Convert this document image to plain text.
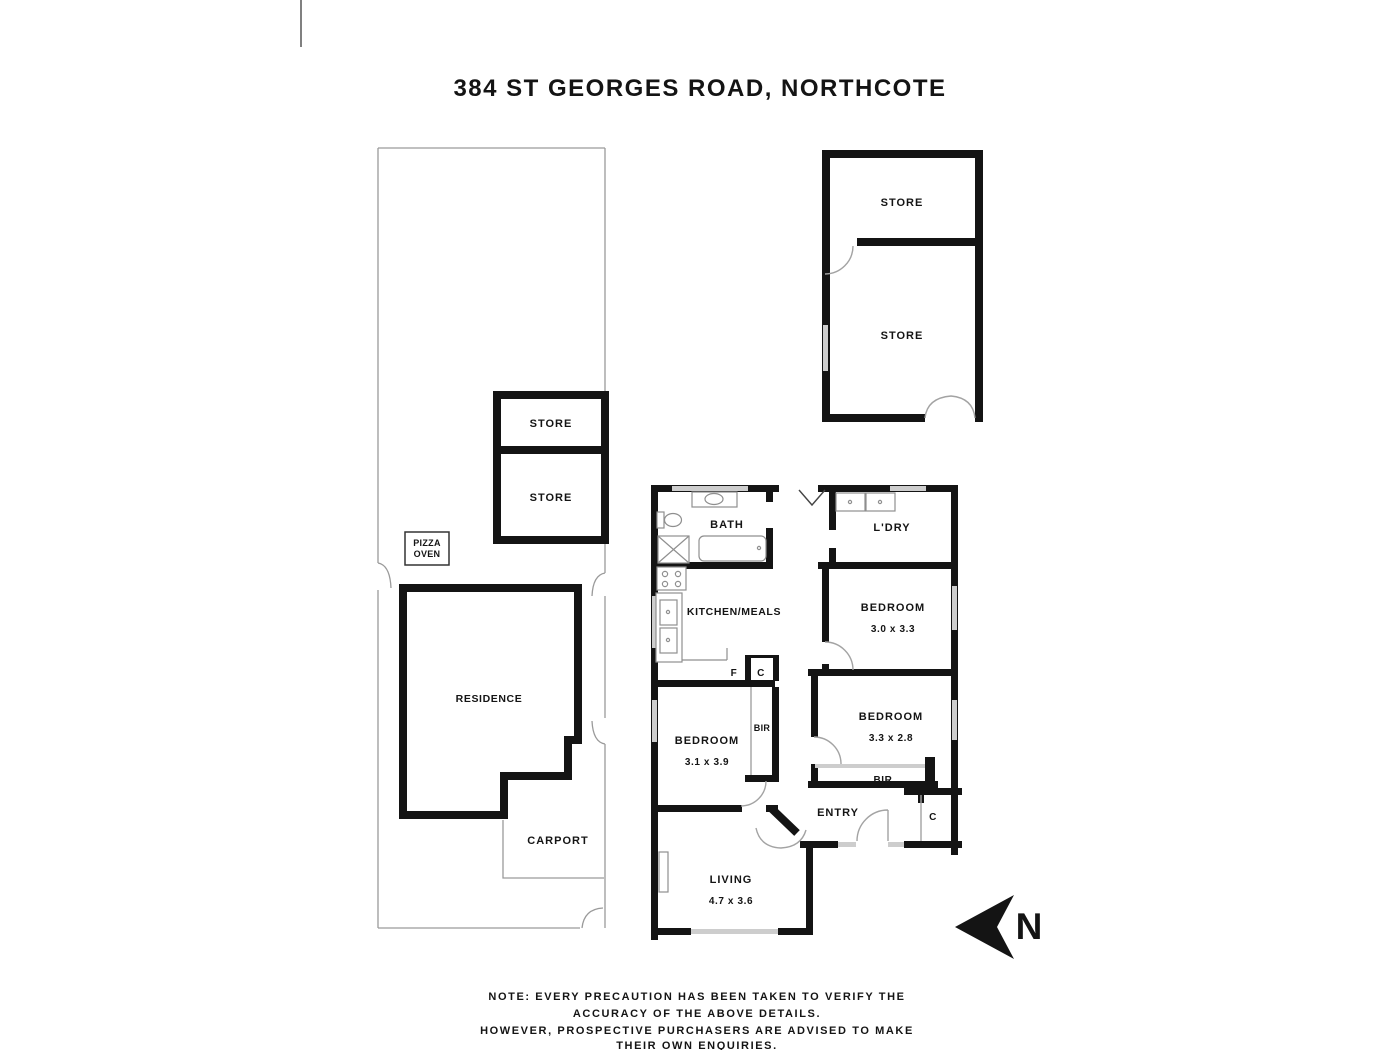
384 ST GEORGES ROAD, NORTHCOTE
PIZZA
OVEN
STORE
STORE
RESIDENCE
CARPORT
STORE
STORE
BATH	L'DRY
KITCHEN/MEALS	BEDROOM
3.0 x 3.3
BEDROOM
3.3 x 2.8
BEDROOM
3.1 x 3.9
BIR
BIR
F C
C
ENTRY
LIVING
4.7 x 3.6
N
NOTE: EVERY PRECAUTION HAS BEEN TAKEN TO VERIFY THE
ACCURACY OF THE ABOVE DETAILS.
HOWEVER, PROSPECTIVE PURCHASERS ARE ADVISED TO MAKE
THEIR OWN ENQUIRIES.
